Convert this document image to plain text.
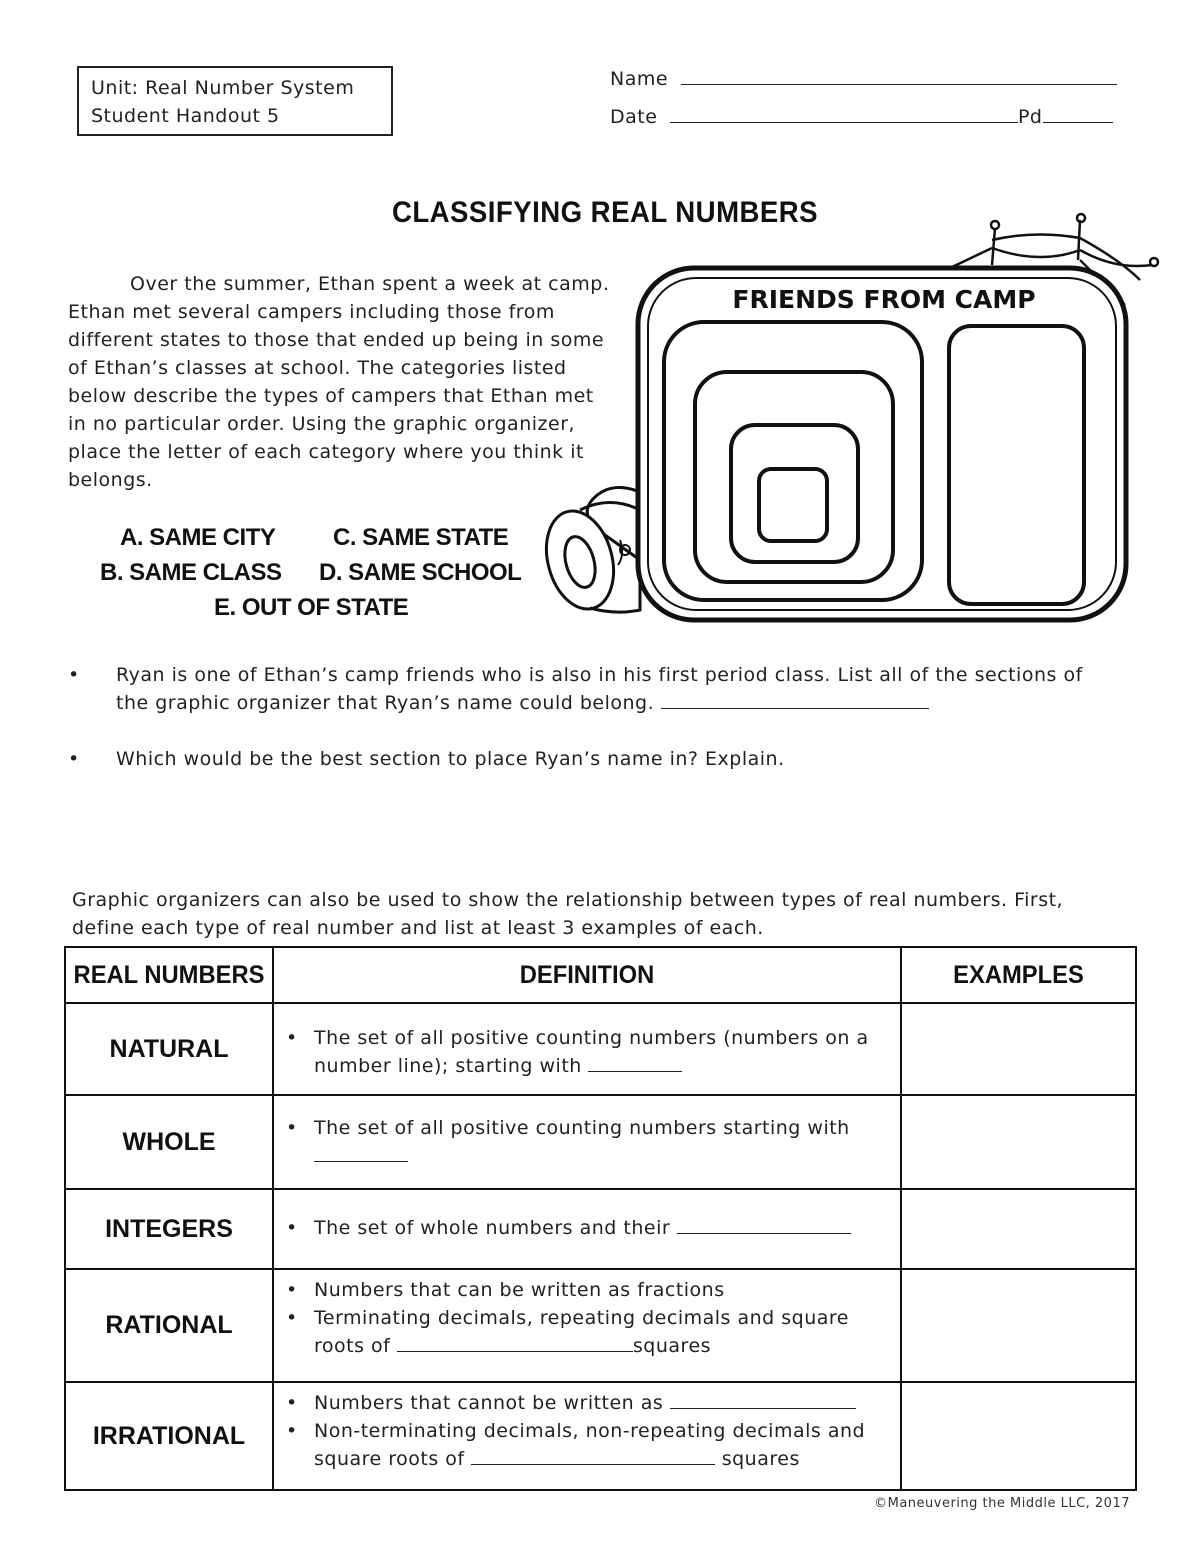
Unit: Real Number System
Student Handout 5
Name
Date	Pd
CLASSIFYING REAL NUMBERS
Over the summer, Ethan spent a week at camp. Ethan met several campers including those from different states to those that ended up being in some of Ethan’s classes at school. The categories listed below describe the types of campers that Ethan met in no particular order. Using the graphic organizer, place the letter of each category where you think it belongs.
A. SAME CITY C. SAME STATE
B. SAME CLASS D. SAME SCHOOL
E. OUT OF STATE
FRIENDS FROM CAMP
• Ryan is one of Ethan’s camp friends who is also in his first period class. List all of the sections of the graphic organizer that Ryan’s name could belong.
• Which would be the best section to place Ryan’s name in? Explain.
Graphic organizers can also be used to show the relationship between types of real numbers. First, define each type of real number and list at least 3 examples of each.
REAL NUMBERS	DEFINITION	EXAMPLES
NATURAL	• The set of all positive counting numbers (numbers on a number line); starting with	

WHOLE	• The set of all positive counting numbers starting with	

INTEGERS	• The set of whole numbers and their	

RATIONAL	• Numbers that can be written as fractions
• Terminating decimals, repeating decimals and square roots of squares	

IRRATIONAL	• Numbers that cannot be written as
• Non-terminating decimals, non-repeating decimals and square roots of squares	

©Maneuvering the Middle LLC, 2017
